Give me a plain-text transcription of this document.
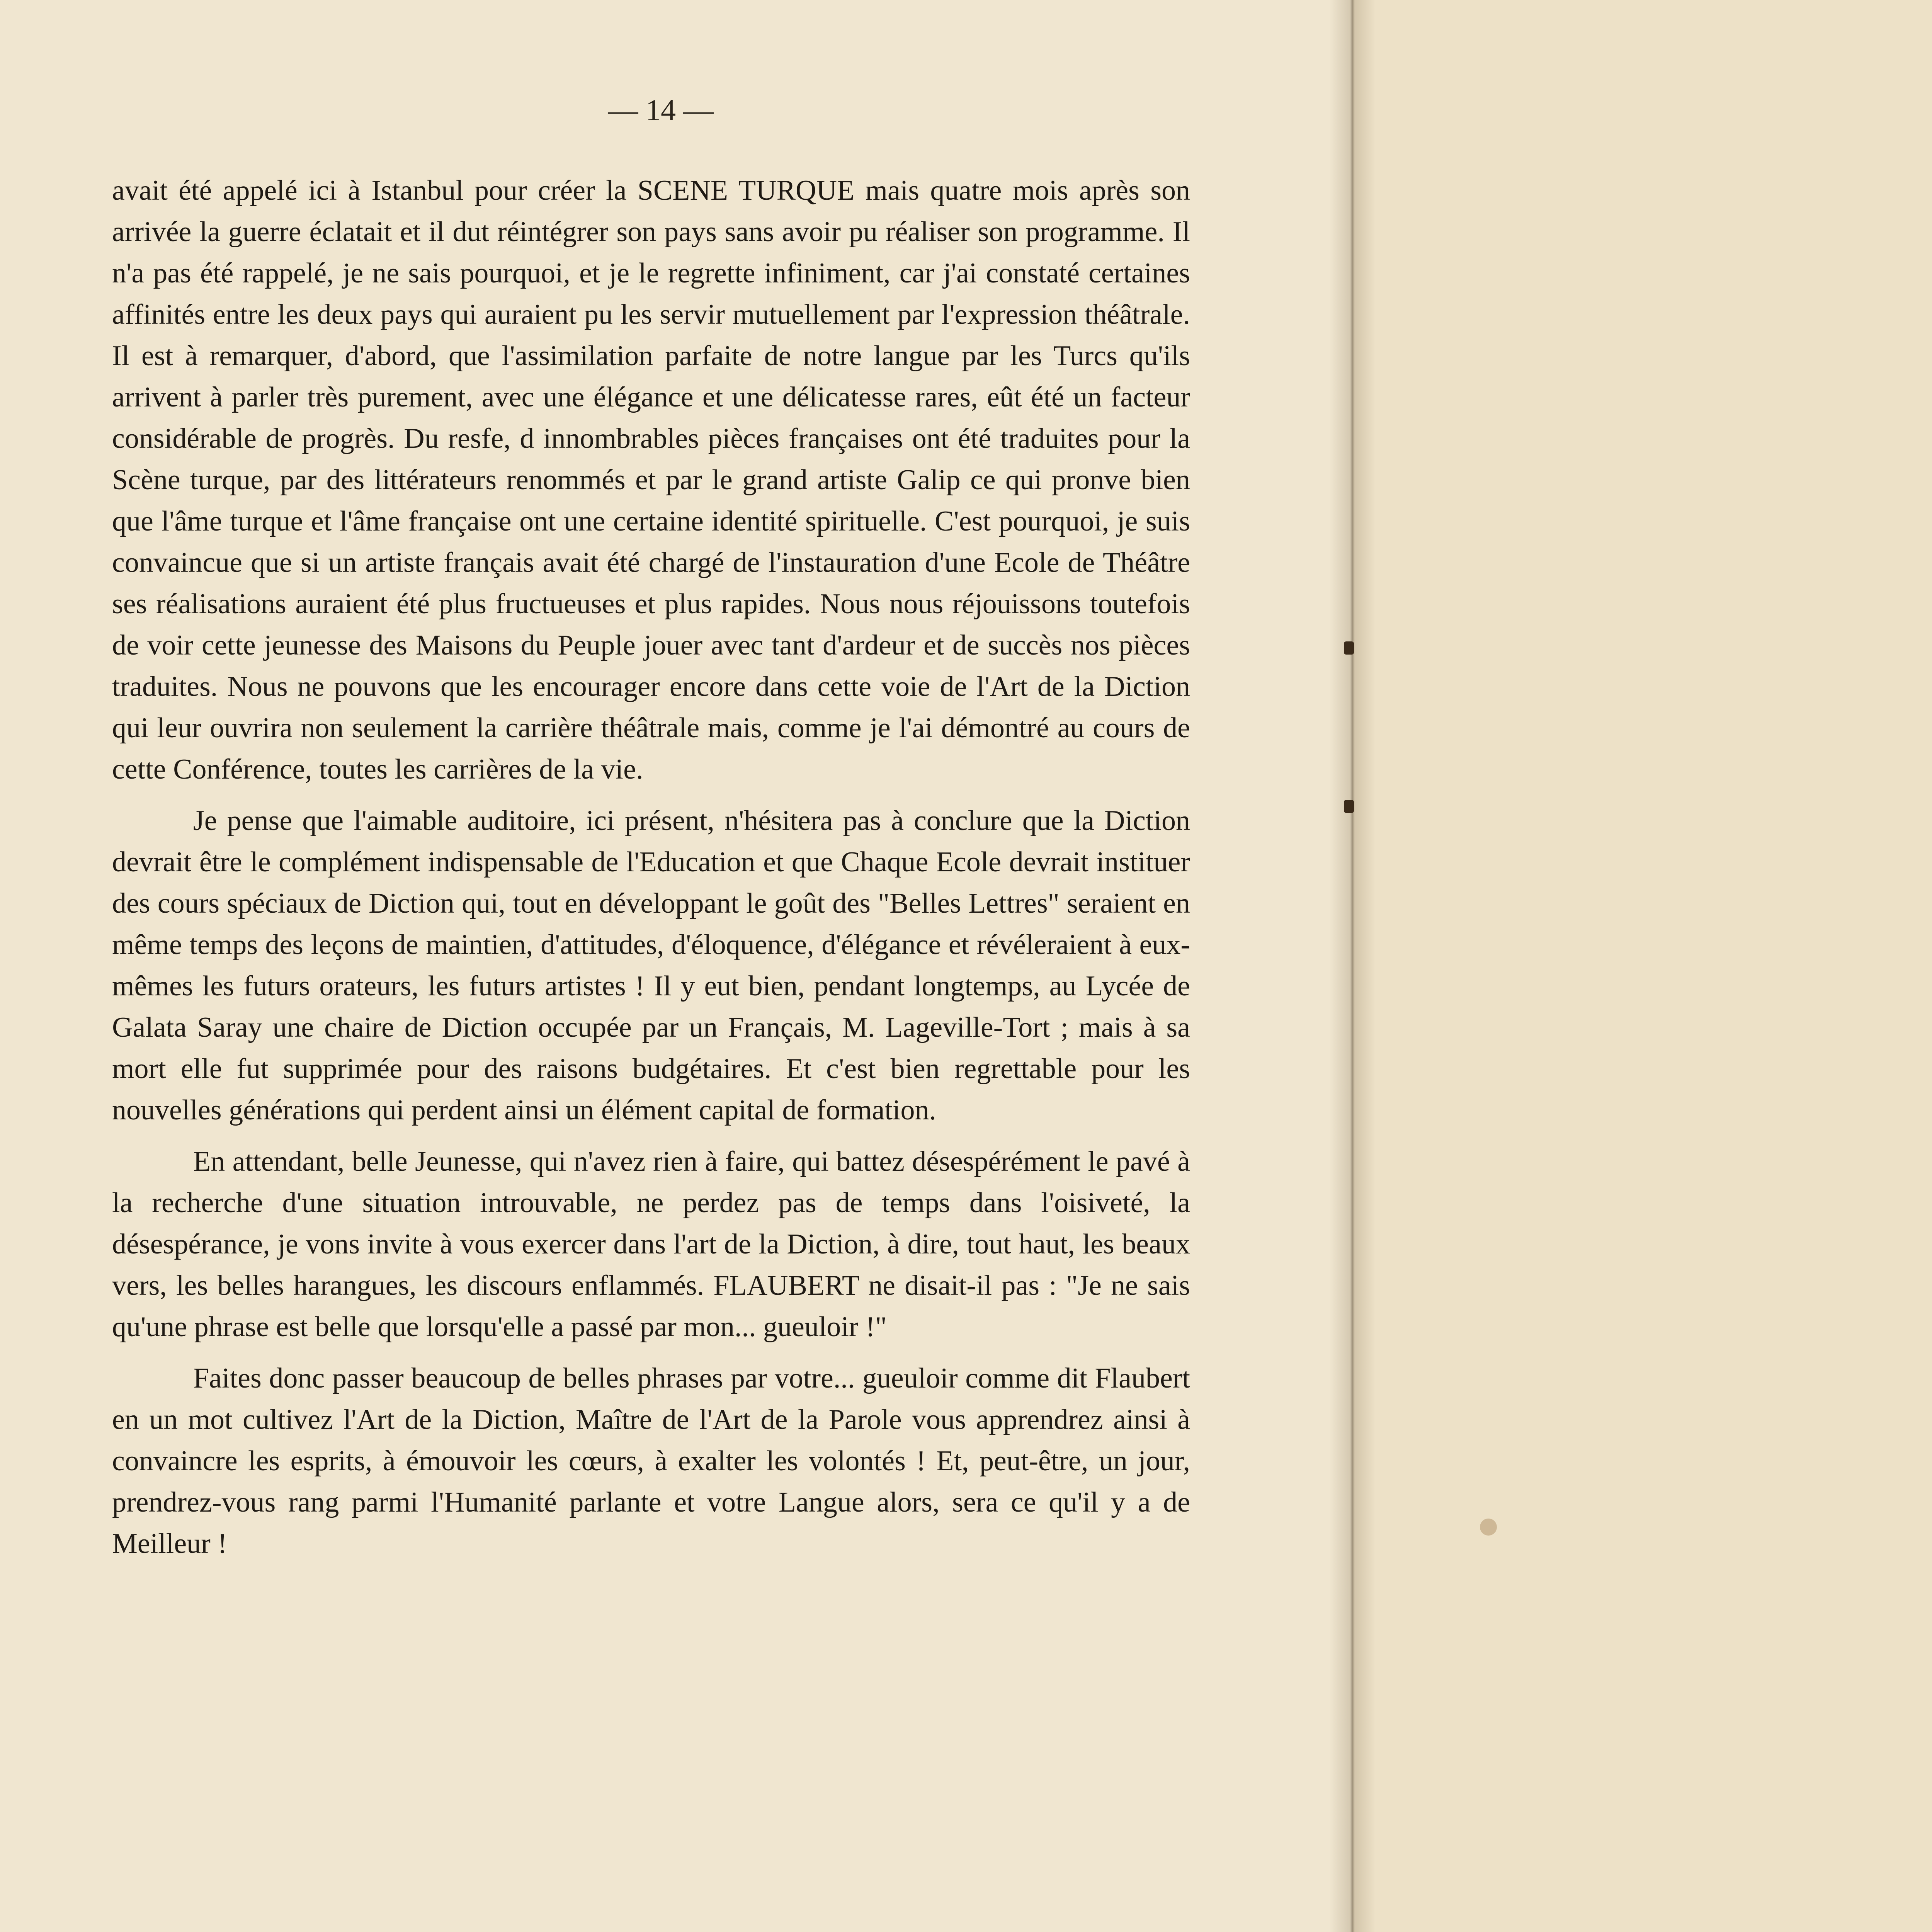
— 14 —

avait été appelé ici à Istanbul pour créer la SCENE TURQUE mais quatre mois après son arrivée la guerre éclatait et il dut réintégrer son pays sans avoir pu réaliser son programme. Il n'a pas été rappelé, je ne sais pourquoi, et je le regrette infiniment, car j'ai constaté certaines affinités entre les deux pays qui auraient pu les servir mutuellement par l'expression théâtrale. Il est à remarquer, d'abord, que l'assimilation parfaite de notre langue par les Turcs qu'ils arrivent à parler très purement, avec une élégance et une délicatesse rares, eût été un facteur considérable de progrès. Du resfe, d innombrables pièces françaises ont été traduites pour la Scène turque, par des littérateurs renommés et par le grand artiste Galip ce qui pronve bien que l'âme turque et l'âme française ont une certaine identité spirituelle. C'est pourquoi, je suis convaincue que si un artiste français avait été chargé de l'instauration d'une Ecole de Théâtre ses réalisations auraient été plus fructueuses et plus rapides. Nous nous réjouissons toutefois de voir cette jeunesse des Maisons du Peuple jouer avec tant d'ardeur et de succès nos pièces traduites. Nous ne pouvons que les encourager encore dans cette voie de l'Art de la Diction qui leur ouvrira non seulement la carrière théâtrale mais, comme je l'ai démontré au cours de cette Conférence, toutes les carrières de la vie.

Je pense que l'aimable auditoire, ici présent, n'hésitera pas à conclure que la Diction devrait être le complément indispensable de l'Education et que Chaque Ecole devrait instituer des cours spéciaux de Diction qui, tout en développant le goût des "Belles Lettres" seraient en même temps des leçons de maintien, d'attitudes, d'éloquence, d'élégance et révéleraient à eux-mêmes les futurs orateurs, les futurs artistes ! Il y eut bien, pendant longtemps, au Lycée de Galata Saray une chaire de Diction occupée par un Français, M. Lageville-Tort ; mais à sa mort elle fut supprimée pour des raisons budgétaires. Et c'est bien regrettable pour les nouvelles générations qui perdent ainsi un élément capital de formation.

En attendant, belle Jeunesse, qui n'avez rien à faire, qui battez désespérément le pavé à la recherche d'une situation introuvable, ne perdez pas de temps dans l'oisiveté, la désespérance, je vons invite à vous exercer dans l'art de la Diction, à dire, tout haut, les beaux vers, les belles harangues, les discours enflammés. FLAUBERT ne disait-il pas : "Je ne sais qu'une phrase est belle que lorsqu'elle a passé par mon... gueuloir !"

Faites donc passer beaucoup de belles phrases par votre... gueuloir comme dit Flaubert en un mot cultivez l'Art de la Diction, Maître de l'Art de la Parole vous apprendrez ainsi à convaincre les esprits, à émouvoir les cœurs, à exalter les volontés ! Et, peut-être, un jour, prendrez-vous rang parmi l'Humanité parlante et votre Langue alors, sera ce qu'il y a de Meilleur !
